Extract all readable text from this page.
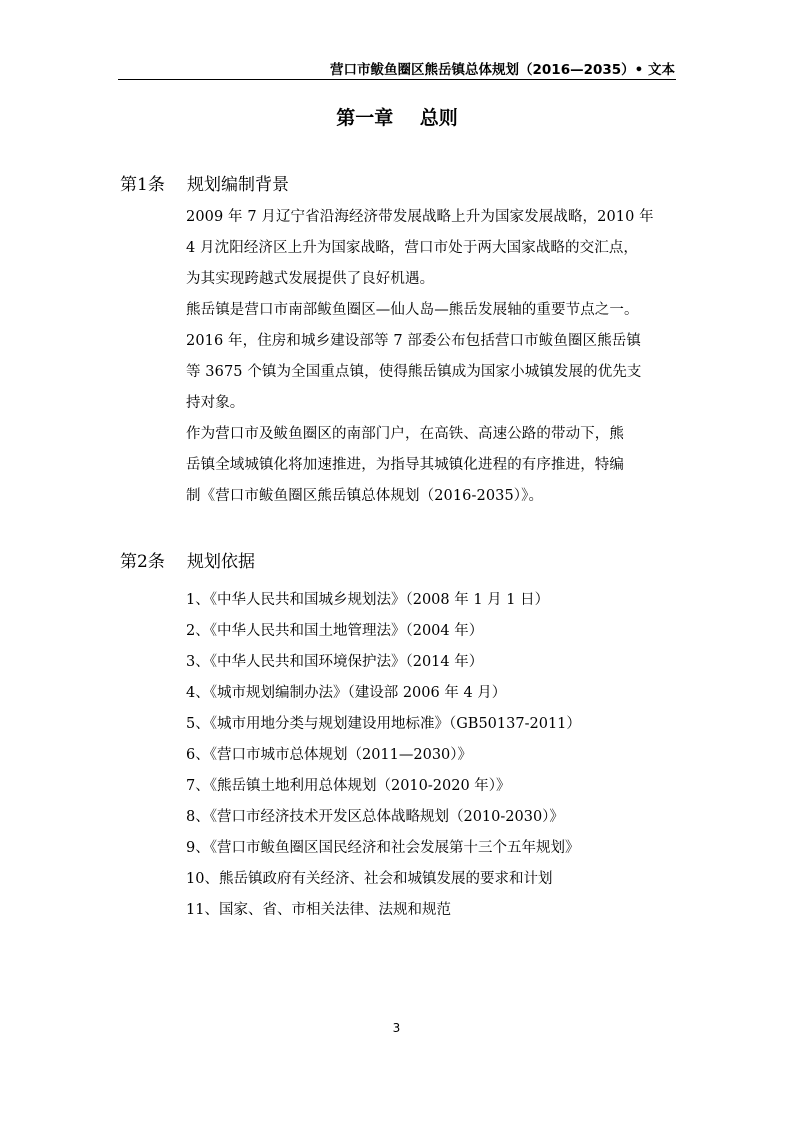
营口市鲅鱼圈区熊岳镇总体规划（2016—2035）• 文本
第一章    总则
第1条 规划编制背景
2009 年 7 月辽宁省沿海经济带发展战略上升为国家发展战略，2010 年
4 月沈阳经济区上升为国家战略，营口市处于两大国家战略的交汇点，
为其实现跨越式发展提供了良好机遇。
熊岳镇是营口市南部鲅鱼圈区—仙人岛—熊岳发展轴的重要节点之一。
2016 年，住房和城乡建设部等 7 部委公布包括营口市鲅鱼圈区熊岳镇
等 3675 个镇为全国重点镇，使得熊岳镇成为国家小城镇发展的优先支
持对象。
作为营口市及鲅鱼圈区的南部门户，在高铁、高速公路的带动下，熊
岳镇全域城镇化将加速推进，为指导其城镇化进程的有序推进，特编
制《营口市鲅鱼圈区熊岳镇总体规划（2016-2035）》。
第2条 规划依据
1、《中华人民共和国城乡规划法》（2008 年 1 月 1 日）
2、《中华人民共和国土地管理法》（2004 年）
3、《中华人民共和国环境保护法》（2014 年）
4、《城市规划编制办法》（建设部 2006 年 4 月）
5、《城市用地分类与规划建设用地标准》（GB50137-2011）
6、《营口市城市总体规划（2011—2030）》
7、《熊岳镇土地利用总体规划（2010-2020 年）》
8、《营口市经济技术开发区总体战略规划（2010-2030）》
9、《营口市鲅鱼圈区国民经济和社会发展第十三个五年规划》
10、熊岳镇政府有关经济、社会和城镇发展的要求和计划
11、国家、省、市相关法律、法规和规范
3
